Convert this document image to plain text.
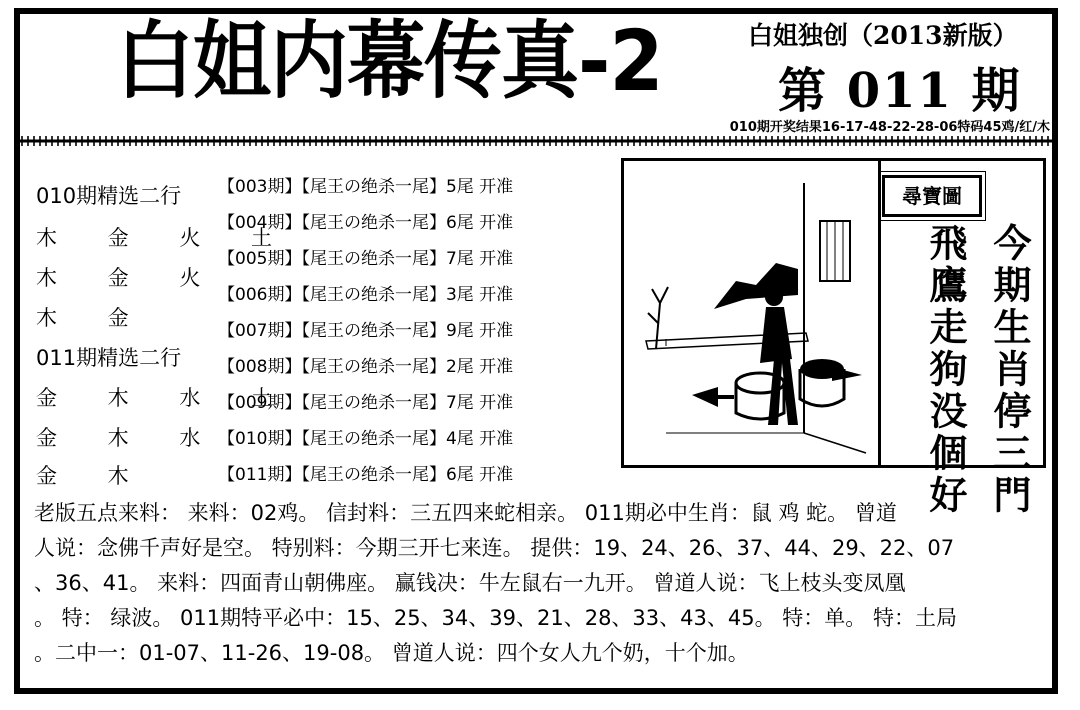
白姐内幕传真-2	白姐独创（2013新版）
第 011 期
010期开奖结果16-17-48-22-28-06特码45鸡/红/木
010期精选二行
木 金 火 土
木 金 火
木 金
011期精选二行
金 木 水 土
金 木 水
金 木
【003期】【尾王の绝杀一尾】5尾 开准
【004期】【尾王の绝杀一尾】6尾 开准
【005期】【尾王の绝杀一尾】7尾 开准
【006期】【尾王の绝杀一尾】3尾 开准
【007期】【尾王の绝杀一尾】9尾 开准
【008期】【尾王の绝杀一尾】2尾 开准
【009期】【尾王の绝杀一尾】7尾 开准
【010期】【尾王の绝杀一尾】4尾 开准
【011期】【尾王の绝杀一尾】6尾 开准
尋寶圖
今期生肖停三門
飛鷹走狗没個好
老版五点来料： 来料：02鸡。 信封料：三五四来蛇相亲。 011期必中生肖：鼠 鸡 蛇。 曾道
人说：念佛千声好是空。 特别料：今期三开七来连。 提供：19、24、26、37、44、29、22、07
、36、41。 来料：四面青山朝佛座。 赢钱决：牛左鼠右一九开。 曾道人说：飞上枝头变凤凰
。 特： 绿波。 011期特平必中：15、25、34、39、21、28、33、43、45。 特：单。 特：土局
。二中一：01-07、11-26、19-08。 曾道人说：四个女人九个奶，十个加。
